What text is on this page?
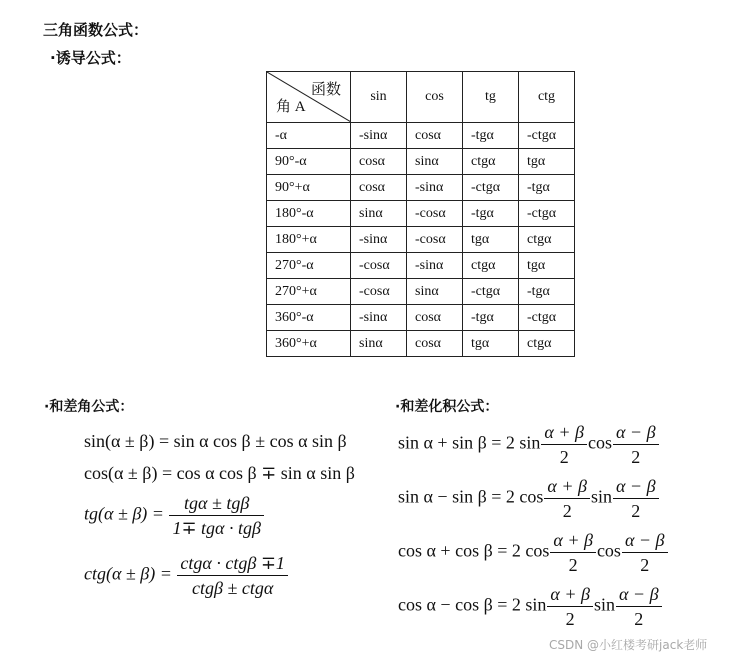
三角函数公式：
·诱导公式：
函数
角 A	sin	cos	tg	ctg
-α	-sinα	cosα	-tgα	-ctgα
90°-α	cosα	sinα	ctgα	tgα
90°+α	cosα	-sinα	-ctgα	-tgα
180°-α	sinα	-cosα	-tgα	-ctgα
180°+α	-sinα	-cosα	tgα	ctgα
270°-α	-cosα	-sinα	ctgα	tgα
270°+α	-cosα	sinα	-ctgα	-tgα
360°-α	-sinα	cosα	-tgα	-ctgα
360°+α	sinα	cosα	tgα	ctgα
·和差角公式：
sin(α ± β) = sin α cos β ± cos α sin β
cos(α ± β) = cos α cos β ∓ sin α sin β
$tg(\alpha \pm \beta) = \frac{\text{tgα ± tgβ}}{\text{1∓ tgα · tgβ}}$
$ctg(\alpha \pm \beta) = \frac{\text{ctgα · ctgβ ∓1}}{\text{ctgβ ± ctgα}}$
·和差化积公式：
sin α + sin β = 2 $\sin \frac{\alpha + \beta}{2}$ $\cos \frac{\alpha - \beta}{2}$
sin α − sin β = 2 $\cos \frac{\alpha + \beta}{2}$ $\sin \frac{\alpha - \beta}{2}$
cos α + cos β = 2 $\cos \frac{\alpha + \beta}{2}$ $\cos \frac{\alpha - \beta}{2}$
cos α − cos β = 2 $\sin \frac{\alpha + \beta}{2}$ $\sin \frac{\alpha - \beta}{2}$
CSDN @小红楼考研jack老师
